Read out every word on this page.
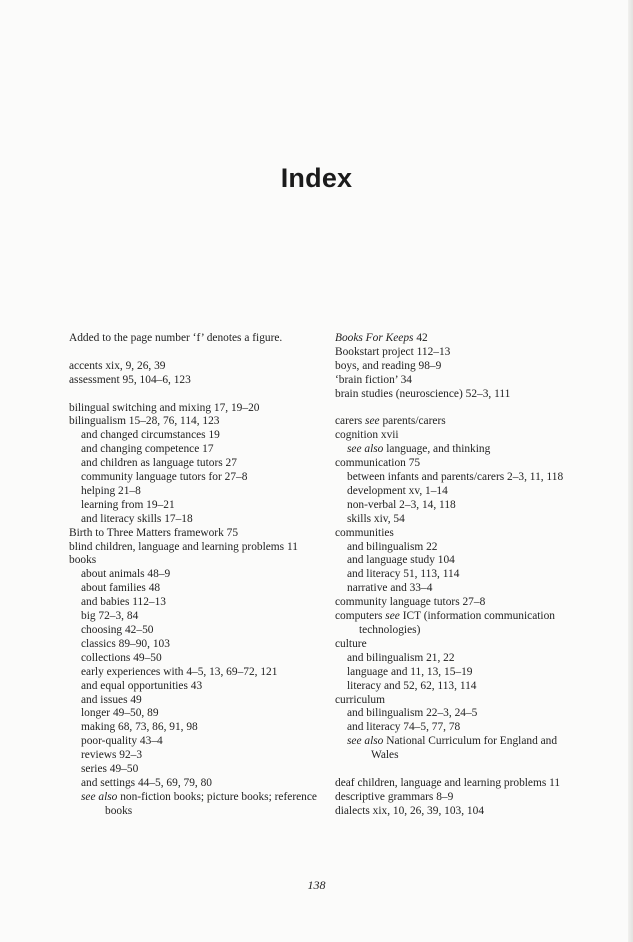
Index
Added to the page number ‘f’ denotes a figure.
accents xix, 9, 26, 39
assessment 95, 104–6, 123
bilingual switching and mixing 17, 19–20
bilingualism 15–28, 76, 114, 123
and changed circumstances 19
and changing competence 17
and children as language tutors 27
community language tutors for 27–8
helping 21–8
learning from 19–21
and literacy skills 17–18
Birth to Three Matters framework 75
blind children, language and learning problems 11
books
about animals 48–9
about families 48
and babies 112–13
big 72–3, 84
choosing 42–50
classics 89–90, 103
collections 49–50
early experiences with 4–5, 13, 69–72, 121
and equal opportunities 43
and issues 49
longer 49–50, 89
making 68, 73, 86, 91, 98
poor-quality 43–4
reviews 92–3
series 49–50
and settings 44–5, 69, 79, 80
see also non-fiction books; picture books; reference books
Books For Keeps 42
Bookstart project 112–13
boys, and reading 98–9
‘brain fiction’ 34
brain studies (neuroscience) 52–3, 111
carers see parents/carers
cognition xvii
see also language, and thinking
communication 75
between infants and parents/carers 2–3, 11, 118
development xv, 1–14
non-verbal 2–3, 14, 118
skills xiv, 54
communities
and bilingualism 22
and language study 104
and literacy 51, 113, 114
narrative and 33–4
community language tutors 27–8
computers see ICT (information communication technologies)
culture
and bilingualism 21, 22
language and 11, 13, 15–19
literacy and 52, 62, 113, 114
curriculum
and bilingualism 22–3, 24–5
and literacy 74–5, 77, 78
see also National Curriculum for England and Wales
deaf children, language and learning problems 11
descriptive grammars 8–9
dialects xix, 10, 26, 39, 103, 104
138
